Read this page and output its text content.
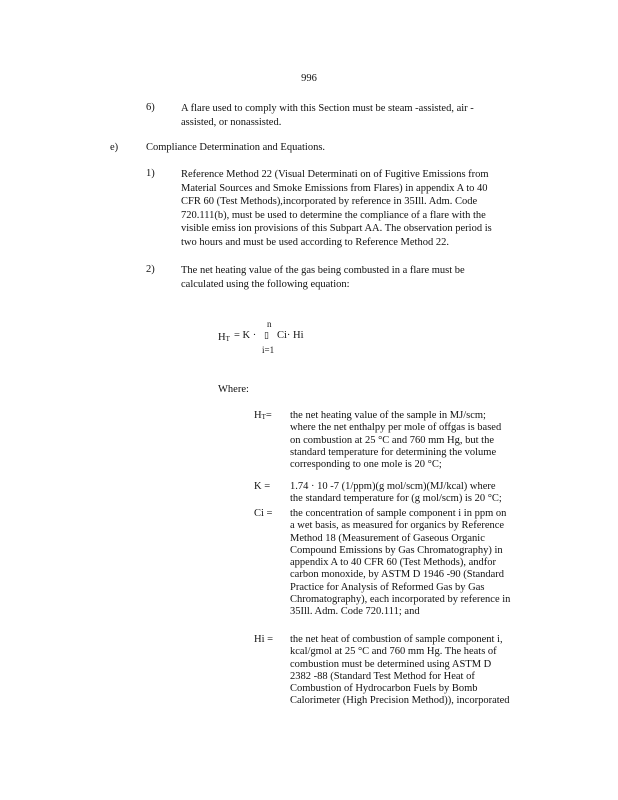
996
6)	A flare used to comply with this Section must be steam -assisted, air -
assisted, or nonassisted.
e)	Compliance Determination and Equations.
1)	Reference Method 22 (Visual Determinati on of Fugitive Emissions from
Material Sources and Smoke Emissions from Flares) in appendix A to 40
CFR 60 (Test Methods),incorporated by reference in 35Ill. Adm. Code
720.111(b), must be used to determine the compliance of a flare with the
visible emiss ion provisions of this Subpart AA. The observation period is
two hours and must be used according to Reference Method 22.
2)	The net heating value of the gas being combusted in a flare must be
calculated using the following equation:
$H_T = K$ ·
n
▯ Ci· Hi
i=1
Where:
$H_T=$ the net heating value of the sample in MJ/scm;
where the net enthalpy per mole of offgas is based
on combustion at 25 °C and 760 mm Hg, but the
standard temperature for determining the volume
corresponding to one mole is 20 °C;
K = 1.74 · 10 -7 (1/ppm)(g mol/scm)(MJ/kcal) where
the standard temperature for (g mol/scm) is 20 °C;
Ci = the concentration of sample component i in ppm on
a wet basis, as measured for organics by Reference
Method 18 (Measurement of Gaseous Organic
Compound Emissions by Gas Chromatography) in
appendix A to 40 CFR 60 (Test Methods), andfor
carbon monoxide, by ASTM D 1946 -90 (Standard
Practice for Analysis of Reformed Gas by Gas
Chromatography), each incorporated by reference in
35Ill. Adm. Code 720.111; and
Hi = the net heat of combustion of sample component i,
kcal/gmol at 25 °C and 760 mm Hg. The heats of
combustion must be determined using ASTM D
2382 -88 (Standard Test Method for Heat of
Combustion of Hydrocarbon Fuels by Bomb
Calorimeter (High Precision Method)), incorporated
